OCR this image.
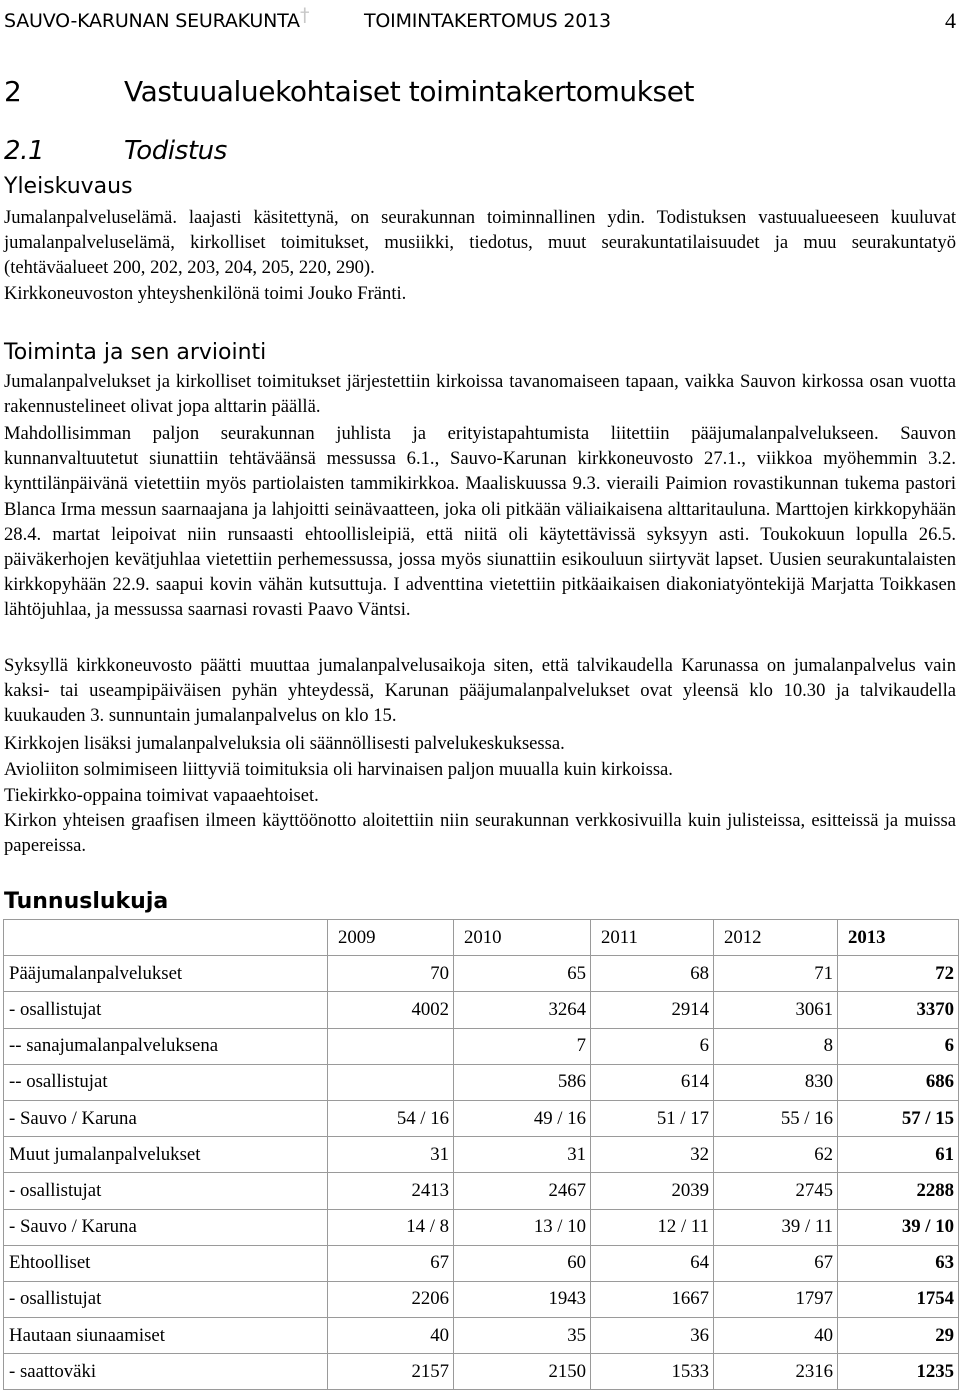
SAUVO-KARUNAN SEURAKUNTA †	TOIMINTAKERTOMUS 2013	4
2	Vastuualuekohtaiset toimintakertomukset
2.1	Todistus
Yleiskuvaus

Jumalanpalveluselämä. laajasti käsitettynä, on seurakunnan toiminnallinen ydin. Todistuksen vastuualueeseen kuuluvat jumalanpalveluselämä, kirkolliset toimitukset, musiikki, tiedotus, muut seurakuntatilaisuudet ja muu seurakuntatyö (tehtäväalueet 200, 202, 203, 204, 205, 220, 290).

Kirkkoneuvoston yhteyshenkilönä toimi Jouko Fränti.

Toiminta ja sen arviointi

Jumalanpalvelukset ja kirkolliset toimitukset järjestettiin kirkoissa tavanomaiseen tapaan, vaikka Sauvon kirkossa osan vuotta rakennustelineet olivat jopa alttarin päällä.

Mahdollisimman paljon seurakunnan juhlista ja erityistapahtumista liitettiin pääjumalanpalvelukseen. Sauvon kunnanvaltuutetut siunattiin tehtäväänsä messussa 6.1., Sauvo-Karunan kirkkoneuvosto 27.1., viikkoa myöhemmin 3.2. kynttilänpäivänä vietettiin myös partiolaisten tammikirkkoa. Maaliskuussa 9.3. vieraili Paimion rovastikunnan tukema pastori Blanca Irma messun saarnaajana ja lahjoitti seinävaatteen, joka oli pitkään väliaikaisena alttaritauluna. Marttojen kirkkopyhään 28.4. martat leipoivat niin runsaasti ehtoollisleipiä, että niitä oli käytettävissä syksyyn asti. Toukokuun lopulla 26.5. päiväkerhojen kevätjuhlaa vietettiin perhemessussa, jossa myös siunattiin esikouluun siirtyvät lapset. Uusien seurakuntalaisten kirkkopyhään 22.9. saapui kovin vähän kutsuttuja. I adventtina vietettiin pitkäaikaisen diakoniatyöntekijä Marjatta Toikkasen lähtöjuhlaa, ja messussa saarnasi rovasti Paavo Väntsi.

Syksyllä kirkkoneuvosto päätti muuttaa jumalanpalvelusaikoja siten, että talvikaudella Karunassa on jumalanpalvelus vain kaksi- tai useampipäiväisen pyhän yhteydessä, Karunan pääjumalanpalvelukset ovat yleensä klo 10.30 ja talvikaudella kuukauden 3. sunnuntain jumalanpalvelus on klo 15.

Kirkkojen lisäksi jumalanpalveluksia oli säännöllisesti palvelukeskuksessa.

Avioliiton solmimiseen liittyviä toimituksia oli harvinaisen paljon muualla kuin kirkoissa.

Tiekirkko-oppaina toimivat vapaaehtoiset.

Kirkon yhteisen graafisen ilmeen käyttöönotto aloitettiin niin seurakunnan verkkosivuilla kuin julisteissa, esitteissä ja muissa papereissa.

Tunnuslukuja
	2009	2010	2011	2012	2013
Pääjumalanpalvelukset	70	65	68	71	72
- osallistujat	4002	3264	2914	3061	3370
-- sanajumalanpalveluksena		7	6	8	6
-- osallistujat		586	614	830	686
- Sauvo / Karuna	54 / 16	49 / 16	51 / 17	55 / 16	57 / 15
Muut jumalanpalvelukset	31	31	32	62	61
- osallistujat	2413	2467	2039	2745	2288
- Sauvo / Karuna	14 / 8	13 / 10	12 / 11	39 / 11	39 / 10
Ehtoolliset	67	60	64	67	63
- osallistujat	2206	1943	1667	1797	1754
Hautaan siunaamiset	40	35	36	40	29
- saattoväki	2157	2150	1533	2316	1235
